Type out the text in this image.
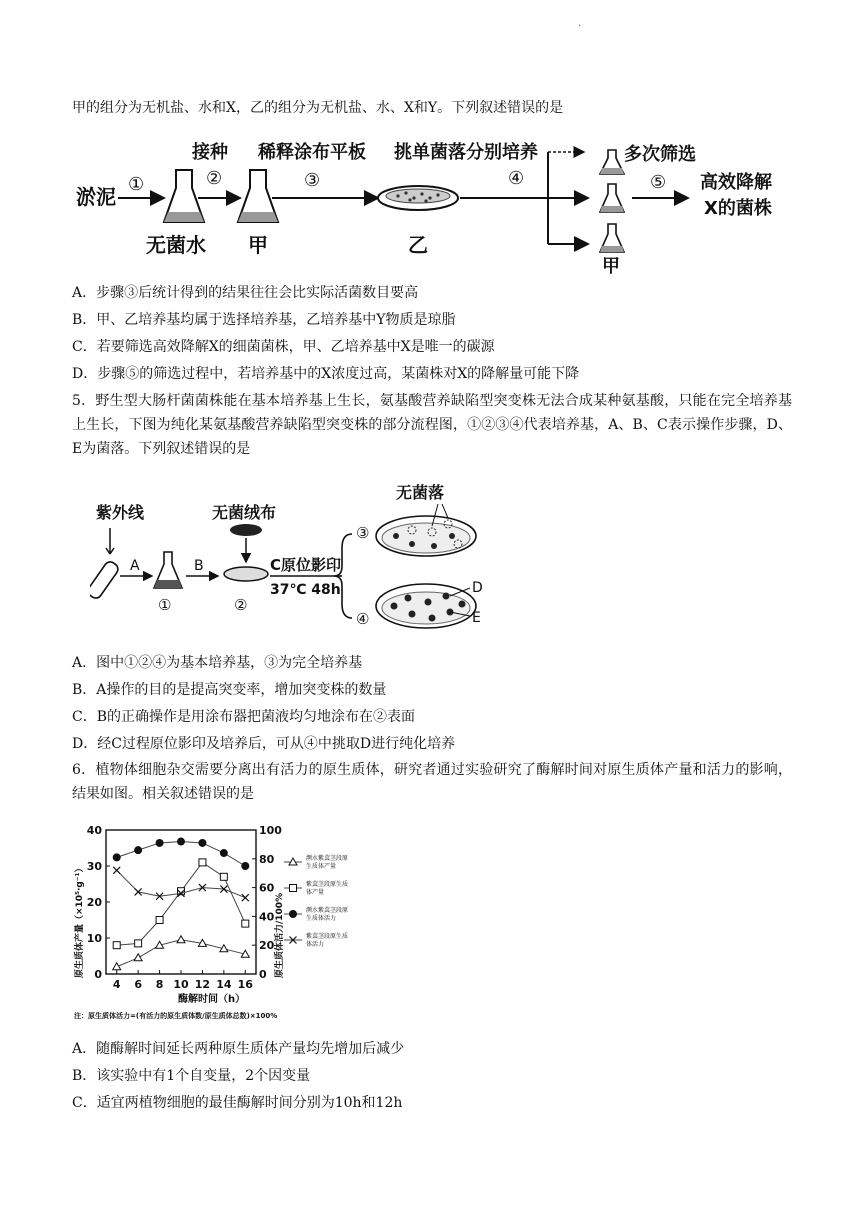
.
甲的组分为无机盐、水和X，乙的组分为无机盐、水、X和Y。下列叙述错误的是
淤泥
①
无菌水
接种
②
甲
稀释涂布平板
③
乙
挑单菌落分别培养
④
甲
多次筛选
⑤ 高效降解
X的菌株
A．步骤③后统计得到的结果往往会比实际活菌数目要高
B．甲、乙培养基均属于选择培养基，乙培养基中Y物质是琼脂
C．若要筛选高效降解X的细菌菌株，甲、乙培养基中X是唯一的碳源
D．步骤⑤的筛选过程中，若培养基中的X浓度过高，某菌株对X的降解量可能下降
5．野生型大肠杆菌菌株能在基本培养基上生长，氨基酸营养缺陷型突变株无法合成某种氨基酸，只能在完全培养基上生长，下图为纯化某氨基酸营养缺陷型突变株的部分流程图，①②③④代表培养基，A、B、C表示操作步骤，D、E为菌落。下列叙述错误的是
紫外线
A
①
B
无菌绒布
②
C原位影印
37℃ 48h
无菌落
③
④
D
E
A．图中①②④为基本培养基，③为完全培养基
B．A操作的目的是提高突变率，增加突变株的数量
C．B的正确操作是用涂布器把菌液均匀地涂布在②表面
D．经C过程原位影印及培养后，可从④中挑取D进行纯化培养
6．植物体细胞杂交需要分离出有活力的原生质体，研究者通过实验研究了酶解时间对原生质体产量和活力的影响，结果如图。相关叙述错误的是
0
10
20
30
40
0
20
40
60
80
100
4 6 8 10 12 14 16
原生质体产量（×10⁵·g⁻¹）	原生质体活力/100%
酶解时间（h）
注：原生质体活力=(有活力的原生质体数/原生质体总数)×100%
濒水紫萁茎段原
生质体产量
紫萁茎段原生质
体产量
濒水紫萁茎段原
生质体活力
紫萁茎段原生质
体活力
A．随酶解时间延长两种原生质体产量均先增加后减少
B．该实验中有1个自变量，2个因变量
C．适宜两植物细胞的最佳酶解时间分别为10h和12h
